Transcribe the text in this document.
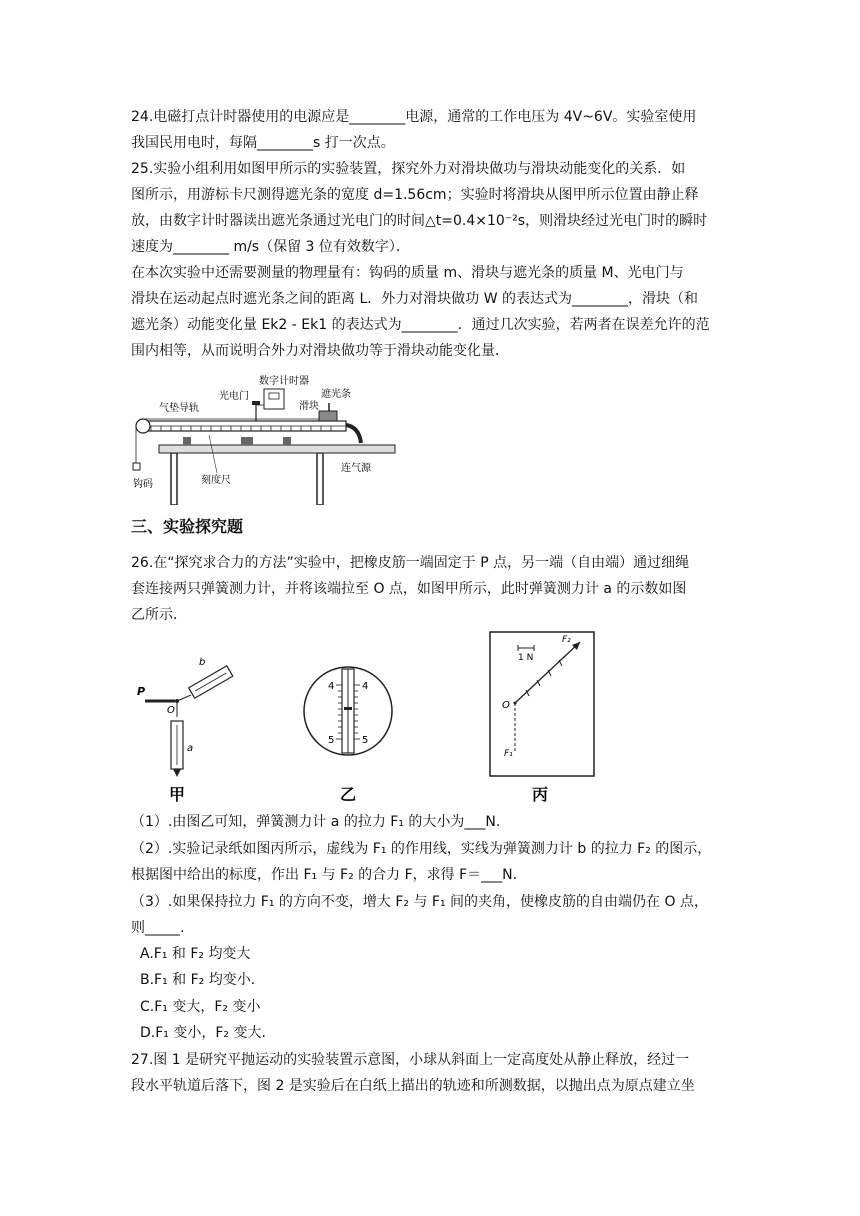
24.电磁打点计时器使用的电源应是________电源，通常的工作电压为 4V~6V。实验室使用
我国民用电时，每隔________s 打一次点。
25.实验小组利用如图甲所示的实验装置，探究外力对滑块做功与滑块动能变化的关系．如
图所示，用游标卡尺测得遮光条的宽度 d=1.56cm；实验时将滑块从图甲所示位置由静止释
放，由数字计时器读出遮光条通过光电门的时间△t=0.4×10⁻²s，则滑块经过光电门时的瞬时
速度为________ m/s（保留 3 位有效数字）．
在本次实验中还需要测量的物理量有：钩码的质量 m、滑块与遮光条的质量 M、光电门与
滑块在运动起点时遮光条之间的距离 L．外力对滑块做功 W 的表达式为________，滑块（和
遮光条）动能变化量 Ek2 - Ek1 的表达式为________．通过几次实验，若两者在误差允许的范
围内相等，从而说明合外力对滑块做功等于滑块动能变化量．
数字计时器
光电门
气垫导轨	滑块
遮光条
连气源
钩码	刻度尺
三、实验探究题
26.在“探究求合力的方法”实验中，把橡皮筋一端固定于 P 点，另一端（自由端）通过细绳
套连接两只弹簧测力计，并将该端拉至 O 点，如图甲所示，此时弹簧测力计 a 的示数如图
乙所示．
P
O
b
a
甲
4	4
5	5
乙
1 N
O
F₂
F₁
丙
（1）.由图乙可知，弹簧测力计 a 的拉力 F₁ 的大小为___N.
（2）.实验记录纸如图丙所示，虚线为 F₁ 的作用线，实线为弹簧测力计 b 的拉力 F₂ 的图示，
根据图中给出的标度，作出 F₁ 与 F₂ 的合力 F，求得 F＝___N.
（3）.如果保持拉力 F₁ 的方向不变，增大 F₂ 与 F₁ 间的夹角，使橡皮筋的自由端仍在 O 点，
则_____.
A.F₁ 和 F₂ 均变大
B.F₁ 和 F₂ 均变小.
C.F₁ 变大，F₂ 变小
D.F₁ 变小，F₂ 变大.
27.图 1 是研究平抛运动的实验装置示意图，小球从斜面上一定高度处从静止释放，经过一
段水平轨道后落下，图 2 是实验后在白纸上描出的轨迹和所测数据，以抛出点为原点建立坐
